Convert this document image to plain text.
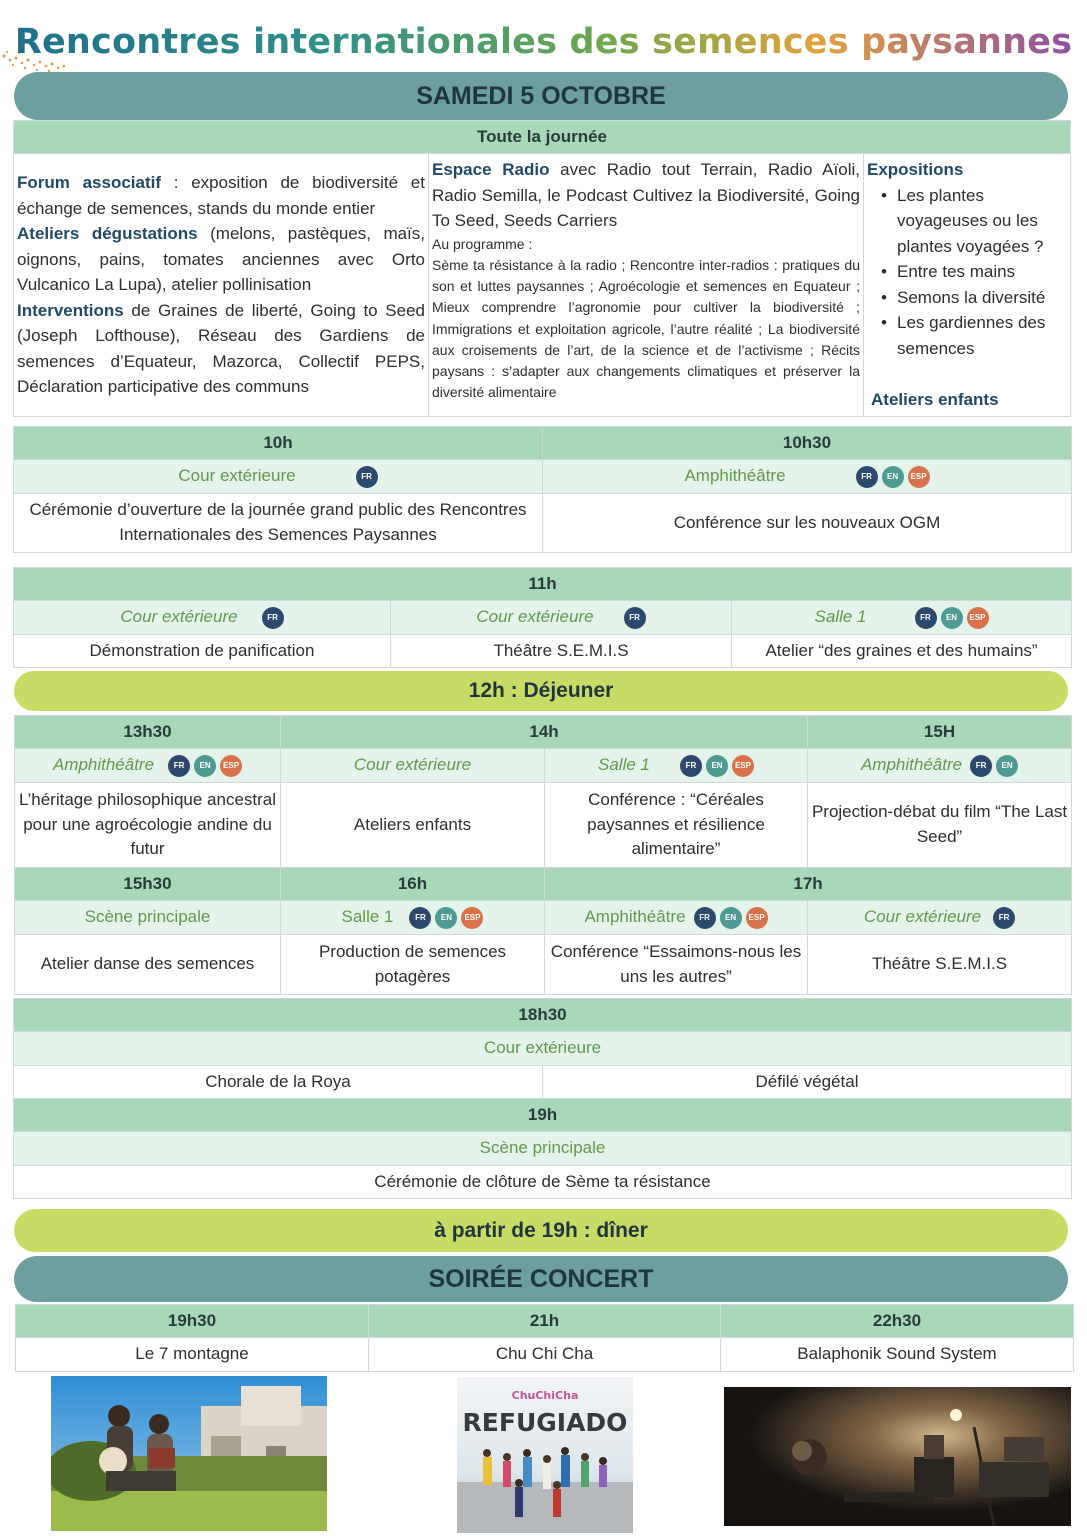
Rencontres internationales des semences paysannes
SAMEDI 5 OCTOBRE
Toute la journée
Forum associatif : exposition de biodiversité et échange de semences, stands du monde entier
Ateliers dégustations (melons, pastèques, maïs, oignons, pains, tomates anciennes avec Orto Vulcanico La Lupa), atelier pollinisation
Interventions de Graines de liberté, Going to Seed (Joseph Lofthouse), Réseau des Gardiens de semences d’Equateur, Mazorca, Collectif PEPS, Déclaration participative des communs	Espace Radio avec Radio tout Terrain, Radio Aïoli, Radio Semilla, le Podcast Cultivez la Biodiversité, Going To Seed, Seeds Carriers

Au programme :
Sème ta résistance à la radio ; Rencontre inter-radios : pratiques du son et luttes paysannes ; Agroécologie et semences en Equateur ; Mieux comprendre l’agronomie pour cultiver la biodiversité ; Immigrations et exploitation agricole, l’autre réalité ; La biodiversité aux croisements de l’art, de la science et de l’activisme ; Récits paysans : s’adapter aux changements climatiques et préserver la diversité alimentaire

Expositions
• Les plantes voyageuses ou les plantes voyagées ?
• Entre tes mains
• Semons la diversité
• Les gardiennes des semences
Ateliers enfants
10h	10h30
Cour extérieure FR	Amphithéâtre FR EN ESP

Cérémonie d’ouverture de la journée grand public des Rencontres Internationales des Semences Paysannes	Conférence sur les nouveaux OGM
11h		
Cour extérieure FR	Cour extérieure FR	Salle 1 FR EN ESP

Démonstration de panification	Théâtre S.E.M.I.S	Atelier “des graines et des humains”
12h : Déjeuner
13h30	14h		15H
Amphithéâtre FR EN ESP	Cour extérieure	Salle 1 FR EN ESP	Amphithéâtre FR EN

L’héritage philosophique ancestral pour une agroécologie andine du futur	Ateliers enfants	Conférence : “Céréales paysannes et résilience alimentaire”	Projection-débat du film “The Last Seed”
15h30	16h	17h	
Scène principale	Salle 1 FR EN ESP	Amphithéâtre FR EN ESP	Cour extérieure FR

Atelier danse des semences	Production de semences potagères	Conférence “Essaimons-nous les uns les autres”	Théâtre S.E.M.I.S
18h30
Cour extérieure
Chorale de la Roya	Défilé végétal
19h
Scène principale
Cérémonie de clôture de Sème ta résistance
à partir de 19h : dîner
SOIRÉE CONCERT
19h30	21h	22h30
Le 7 montagne	Chu Chi Cha	Balaphonik Sound System
ChuChiCha
REFUGIADO
